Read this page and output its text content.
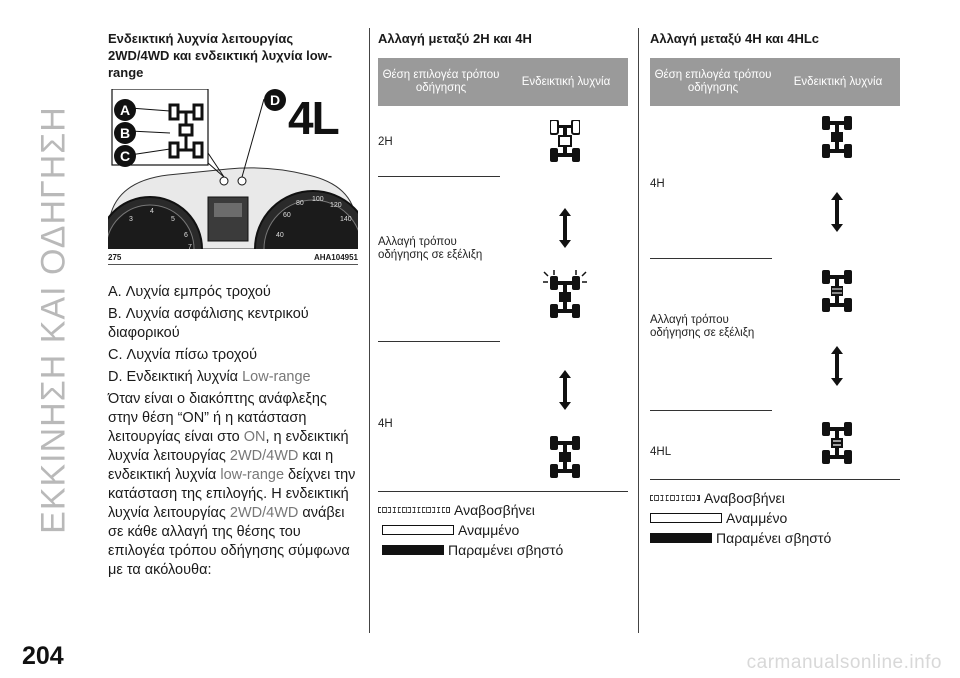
ΕΚΚΙΝΗΣΗ ΚΑΙ ΟΔΗΓΗΣΗ
Ενδεικτική λυχνία λειτουργίας 2WD/4WD και ενδεικτική λυχνία low-range
3
4
5
6
7
40
60
80
100
120
140
A
B
C
D 4L
275	AHA104951

A. Λυχνία εμπρός τροχού

B. Λυχνία ασφάλισης κεντρικού διαφορικού

C. Λυχνία πίσω τροχού

D. Ενδεικτική λυχνία Low-range

Όταν είναι ο διακόπτης ανάφλεξης στην θέση “ON” ή η κατάσταση λειτουργίας είναι στο ON, η ενδεικτική λυχνία λειτουργίας 2WD/4WD και η ενδεικτική λυχνία low-range δείχνει την κατάσταση της επιλογής. Η ενδεικτική λυχνία λειτουργίας 2WD/4WD ανάβει σε κάθε αλλαγή της θέσης του επιλογέα τρόπου οδήγησης σύμφωνα με τα ακόλουθα:
Αλλαγή μεταξύ 2H και 4H
Θέση επιλογέα τρόπου οδήγησης
Ενδεικτική λυχνία
2H
Αλλαγή τρόπου οδήγησης σε εξέλιξη
4H
Αναβοσβήνει
Αναμμένο
Παραμένει σβηστό
Αλλαγή μεταξύ 4H και 4HLc
Θέση επιλογέα τρόπου οδήγησης
Ενδεικτική λυχνία
4H
Αλλαγή τρόπου οδήγησης σε εξέλιξη
4HL
Αναβοσβήνει
Αναμμένο
Παραμένει σβηστό
204	carmanualsonline.info
